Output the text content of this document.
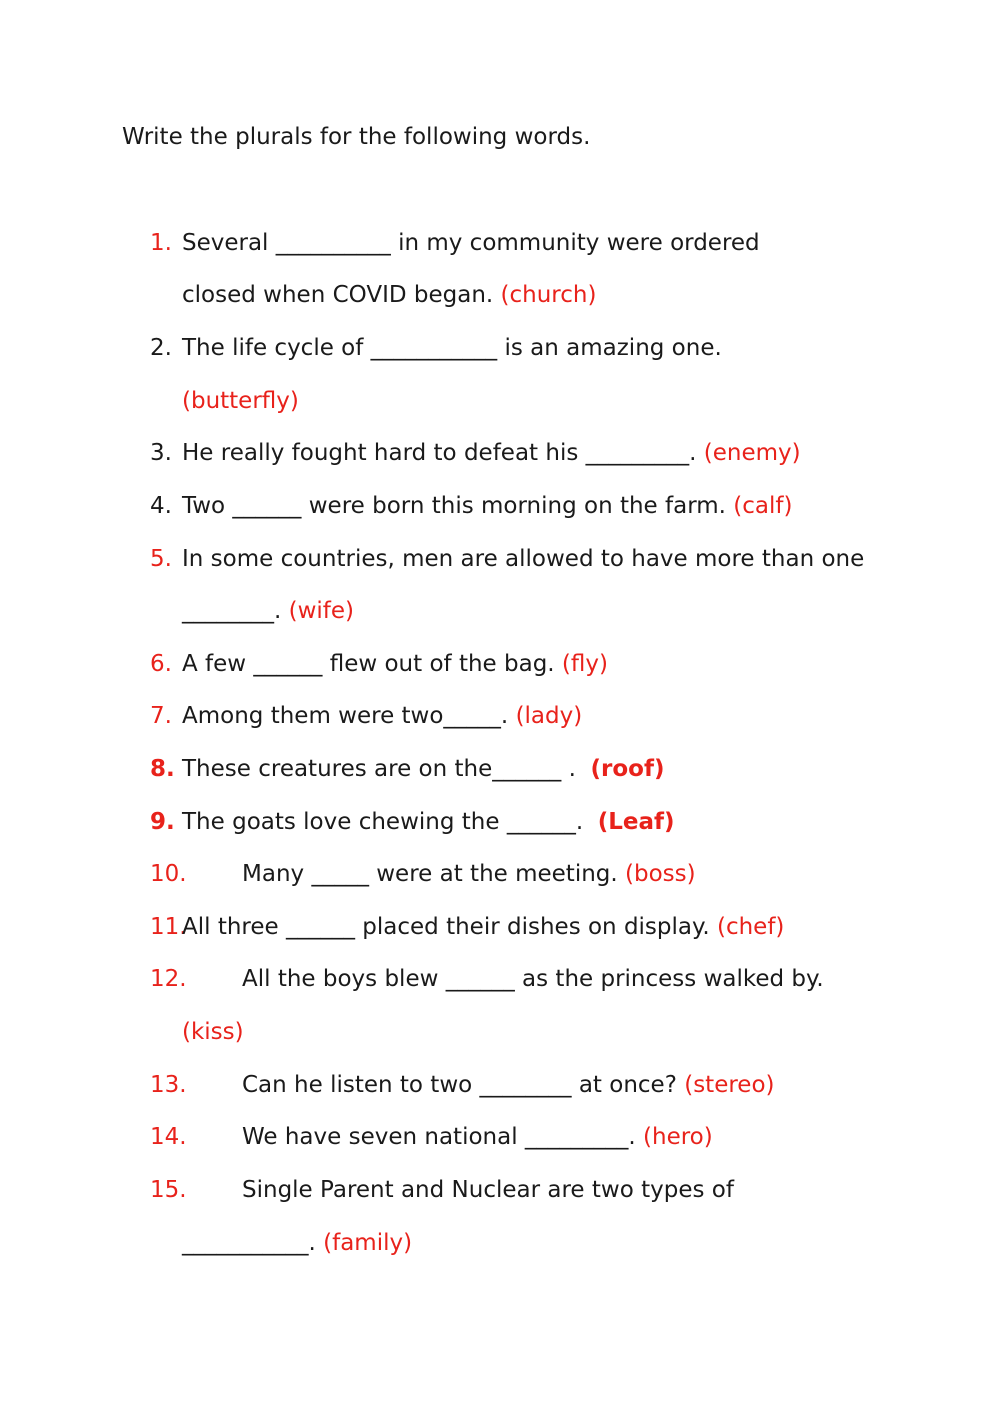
Write the plurals for the following words.
1. Several __________ in my community were ordered
closed when COVID began. (church)
2. The life cycle of ___________ is an amazing one.
(butterfly)
3. He really fought hard to defeat his _________. (enemy)
4. Two ______ were born this morning on the farm. (calf)
5. In some countries, men are allowed to have more than one
________. (wife)
6. A few ______ flew out of the bag. (fly)
7. Among them were two_____. (lady)
8. These creatures are on the______ . (roof)
9. The goats love chewing the ______. (Leaf)
10. Many _____ were at the meeting. (boss)
11.
All three ______ placed their dishes on display. (chef)
12. All the boys blew ______ as the princess walked by.
(kiss)
13. Can he listen to two ________ at once? (stereo)
14. We have seven national _________. (hero)
15. Single Parent and Nuclear are two types of
___________. (family)
